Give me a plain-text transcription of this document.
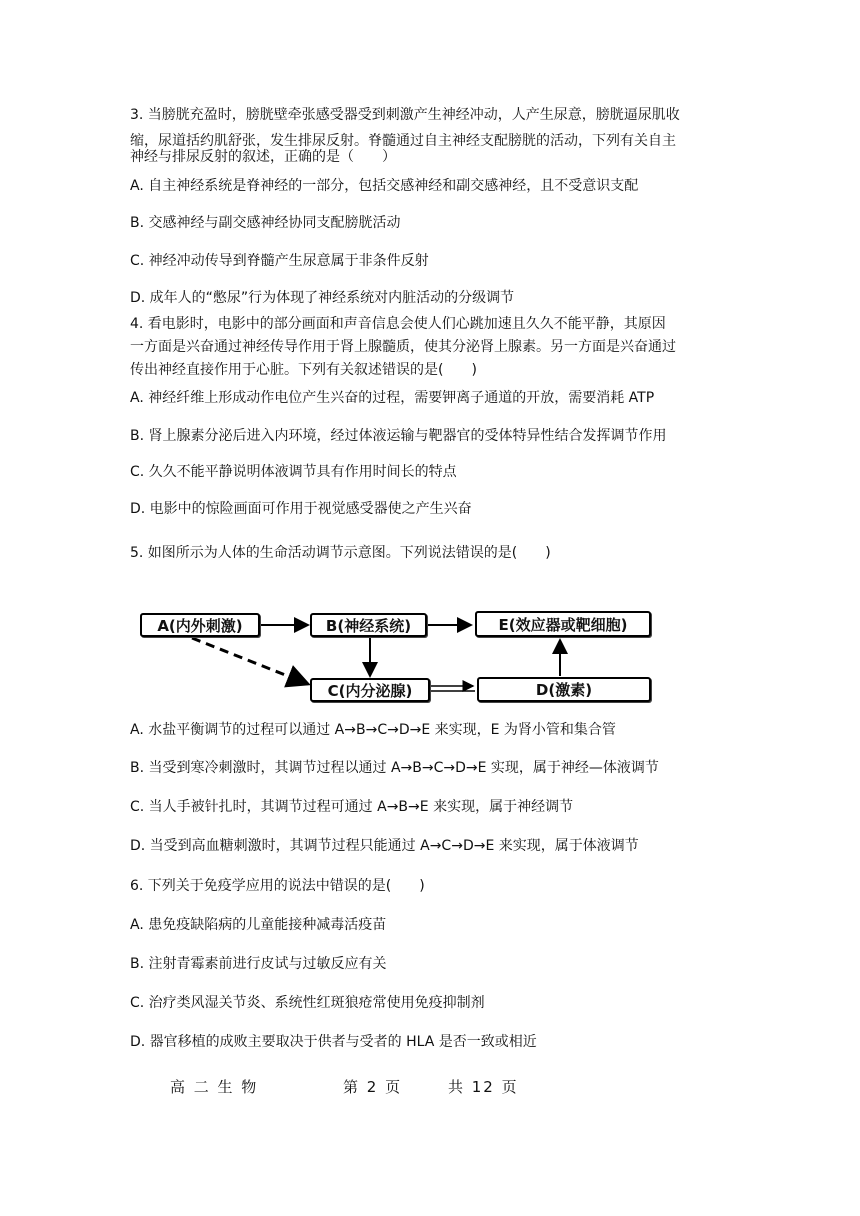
3. 当膀胱充盈时，膀胱壁牵张感受器受到刺激产生神经冲动，人产生尿意，膀胱逼尿肌收
缩，尿道括约肌舒张，发生排尿反射。脊髓通过自主神经支配膀胱的活动，下列有关自主
神经与排尿反射的叙述，正确的是（　　）
A. 自主神经系统是脊神经的一部分，包括交感神经和副交感神经，且不受意识支配
B. 交感神经与副交感神经协同支配膀胱活动
C. 神经冲动传导到脊髓产生尿意属于非条件反射
D. 成年人的“憋尿”行为体现了神经系统对内脏活动的分级调节
4. 看电影时，电影中的部分画面和声音信息会使人们心跳加速且久久不能平静，其原因
一方面是兴奋通过神经传导作用于肾上腺髓质，使其分泌肾上腺素。另一方面是兴奋通过
传出神经直接作用于心脏。下列有关叙述错误的是(　　)
A. 神经纤维上形成动作电位产生兴奋的过程，需要钾离子通道的开放，需要消耗 ATP
B. 肾上腺素分泌后进入内环境，经过体液运输与靶器官的受体特异性结合发挥调节作用
C. 久久不能平静说明体液调节具有作用时间长的特点
D. 电影中的惊险画面可作用于视觉感受器使之产生兴奋
5. 如图所示为人体的生命活动调节示意图。下列说法错误的是(　　)
A(内外刺激)	B(神经系统)	E(效应器或靶细胞)
C(内分泌腺)	D(激素)
A. 水盐平衡调节的过程可以通过 A→B→C→D→E 来实现，E 为肾小管和集合管
B. 当受到寒冷刺激时，其调节过程以通过 A→B→C→D→E 实现，属于神经—体液调节
C. 当人手被针扎时，其调节过程可通过 A→B→E 来实现，属于神经调节
D. 当受到高血糖刺激时，其调节过程只能通过 A→C→D→E 来实现，属于体液调节
6. 下列关于免疫学应用的说法中错误的是(　　)
A. 患免疫缺陷病的儿童能接种减毒活疫苗
B. 注射青霉素前进行皮试与过敏反应有关
C. 治疗类风湿关节炎、系统性红斑狼疮常使用免疫抑制剂
D. 器官移植的成败主要取决于供者与受者的 HLA 是否一致或相近
高 二 生 物	第 2 页	共 12 页
